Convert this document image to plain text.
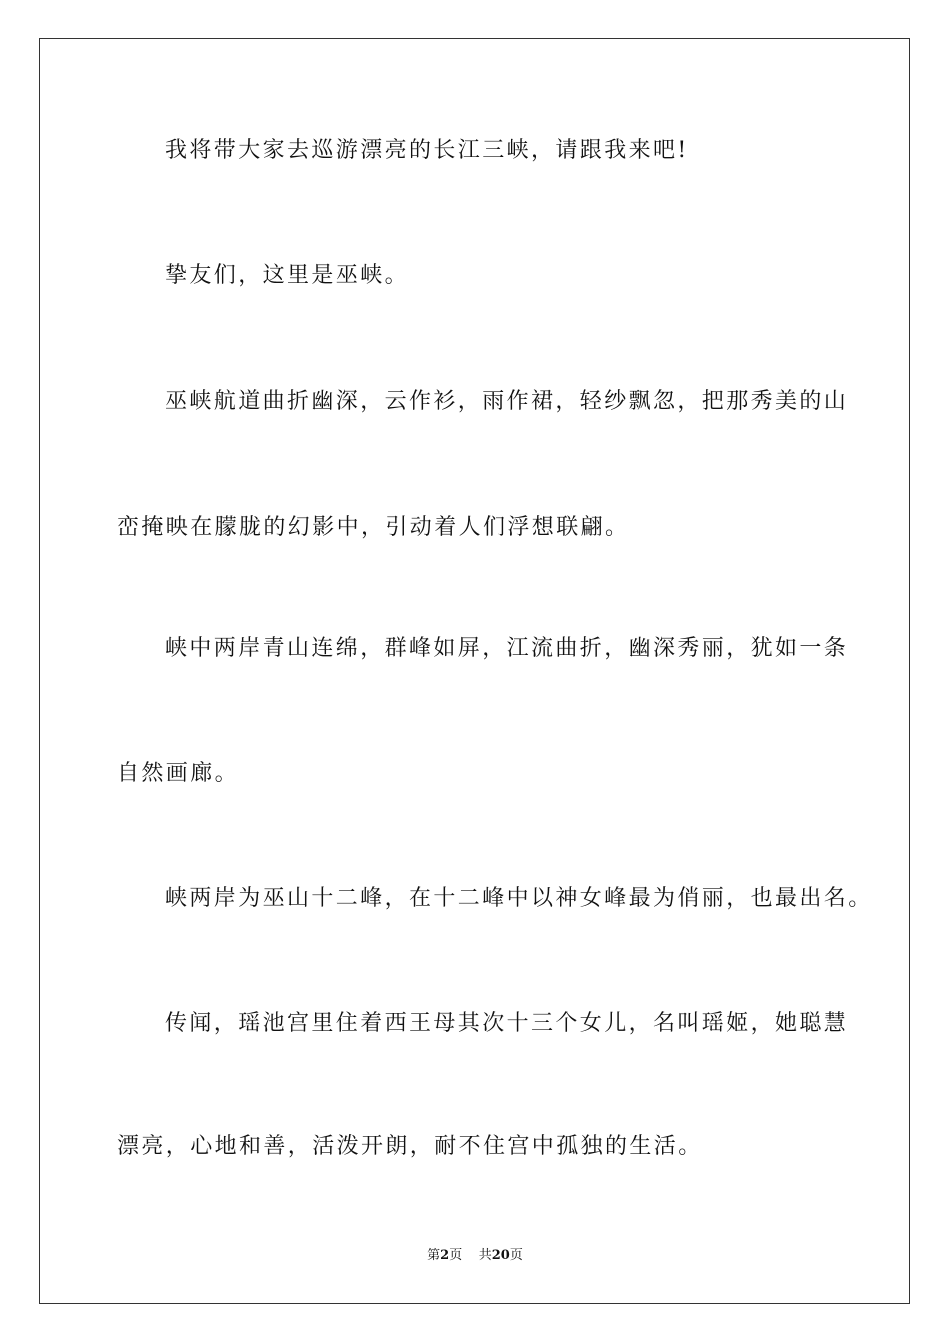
我将带大家去巡游漂亮的长江三峡，请跟我来吧!
挚友们，这里是巫峡。
巫峡航道曲折幽深，云作衫，雨作裙，轻纱飘忽，把那秀美的山
峦掩映在朦胧的幻影中，引动着人们浮想联翩。
峡中两岸青山连绵，群峰如屏，江流曲折，幽深秀丽，犹如一条
自然画廊。
峡两岸为巫山十二峰，在十二峰中以神女峰最为俏丽，也最出名。
传闻，瑶池宫里住着西王母其次十三个女儿，名叫瑶姬，她聪慧
漂亮，心地和善，活泼开朗，耐不住宫中孤独的生活。
第2页 共20页
